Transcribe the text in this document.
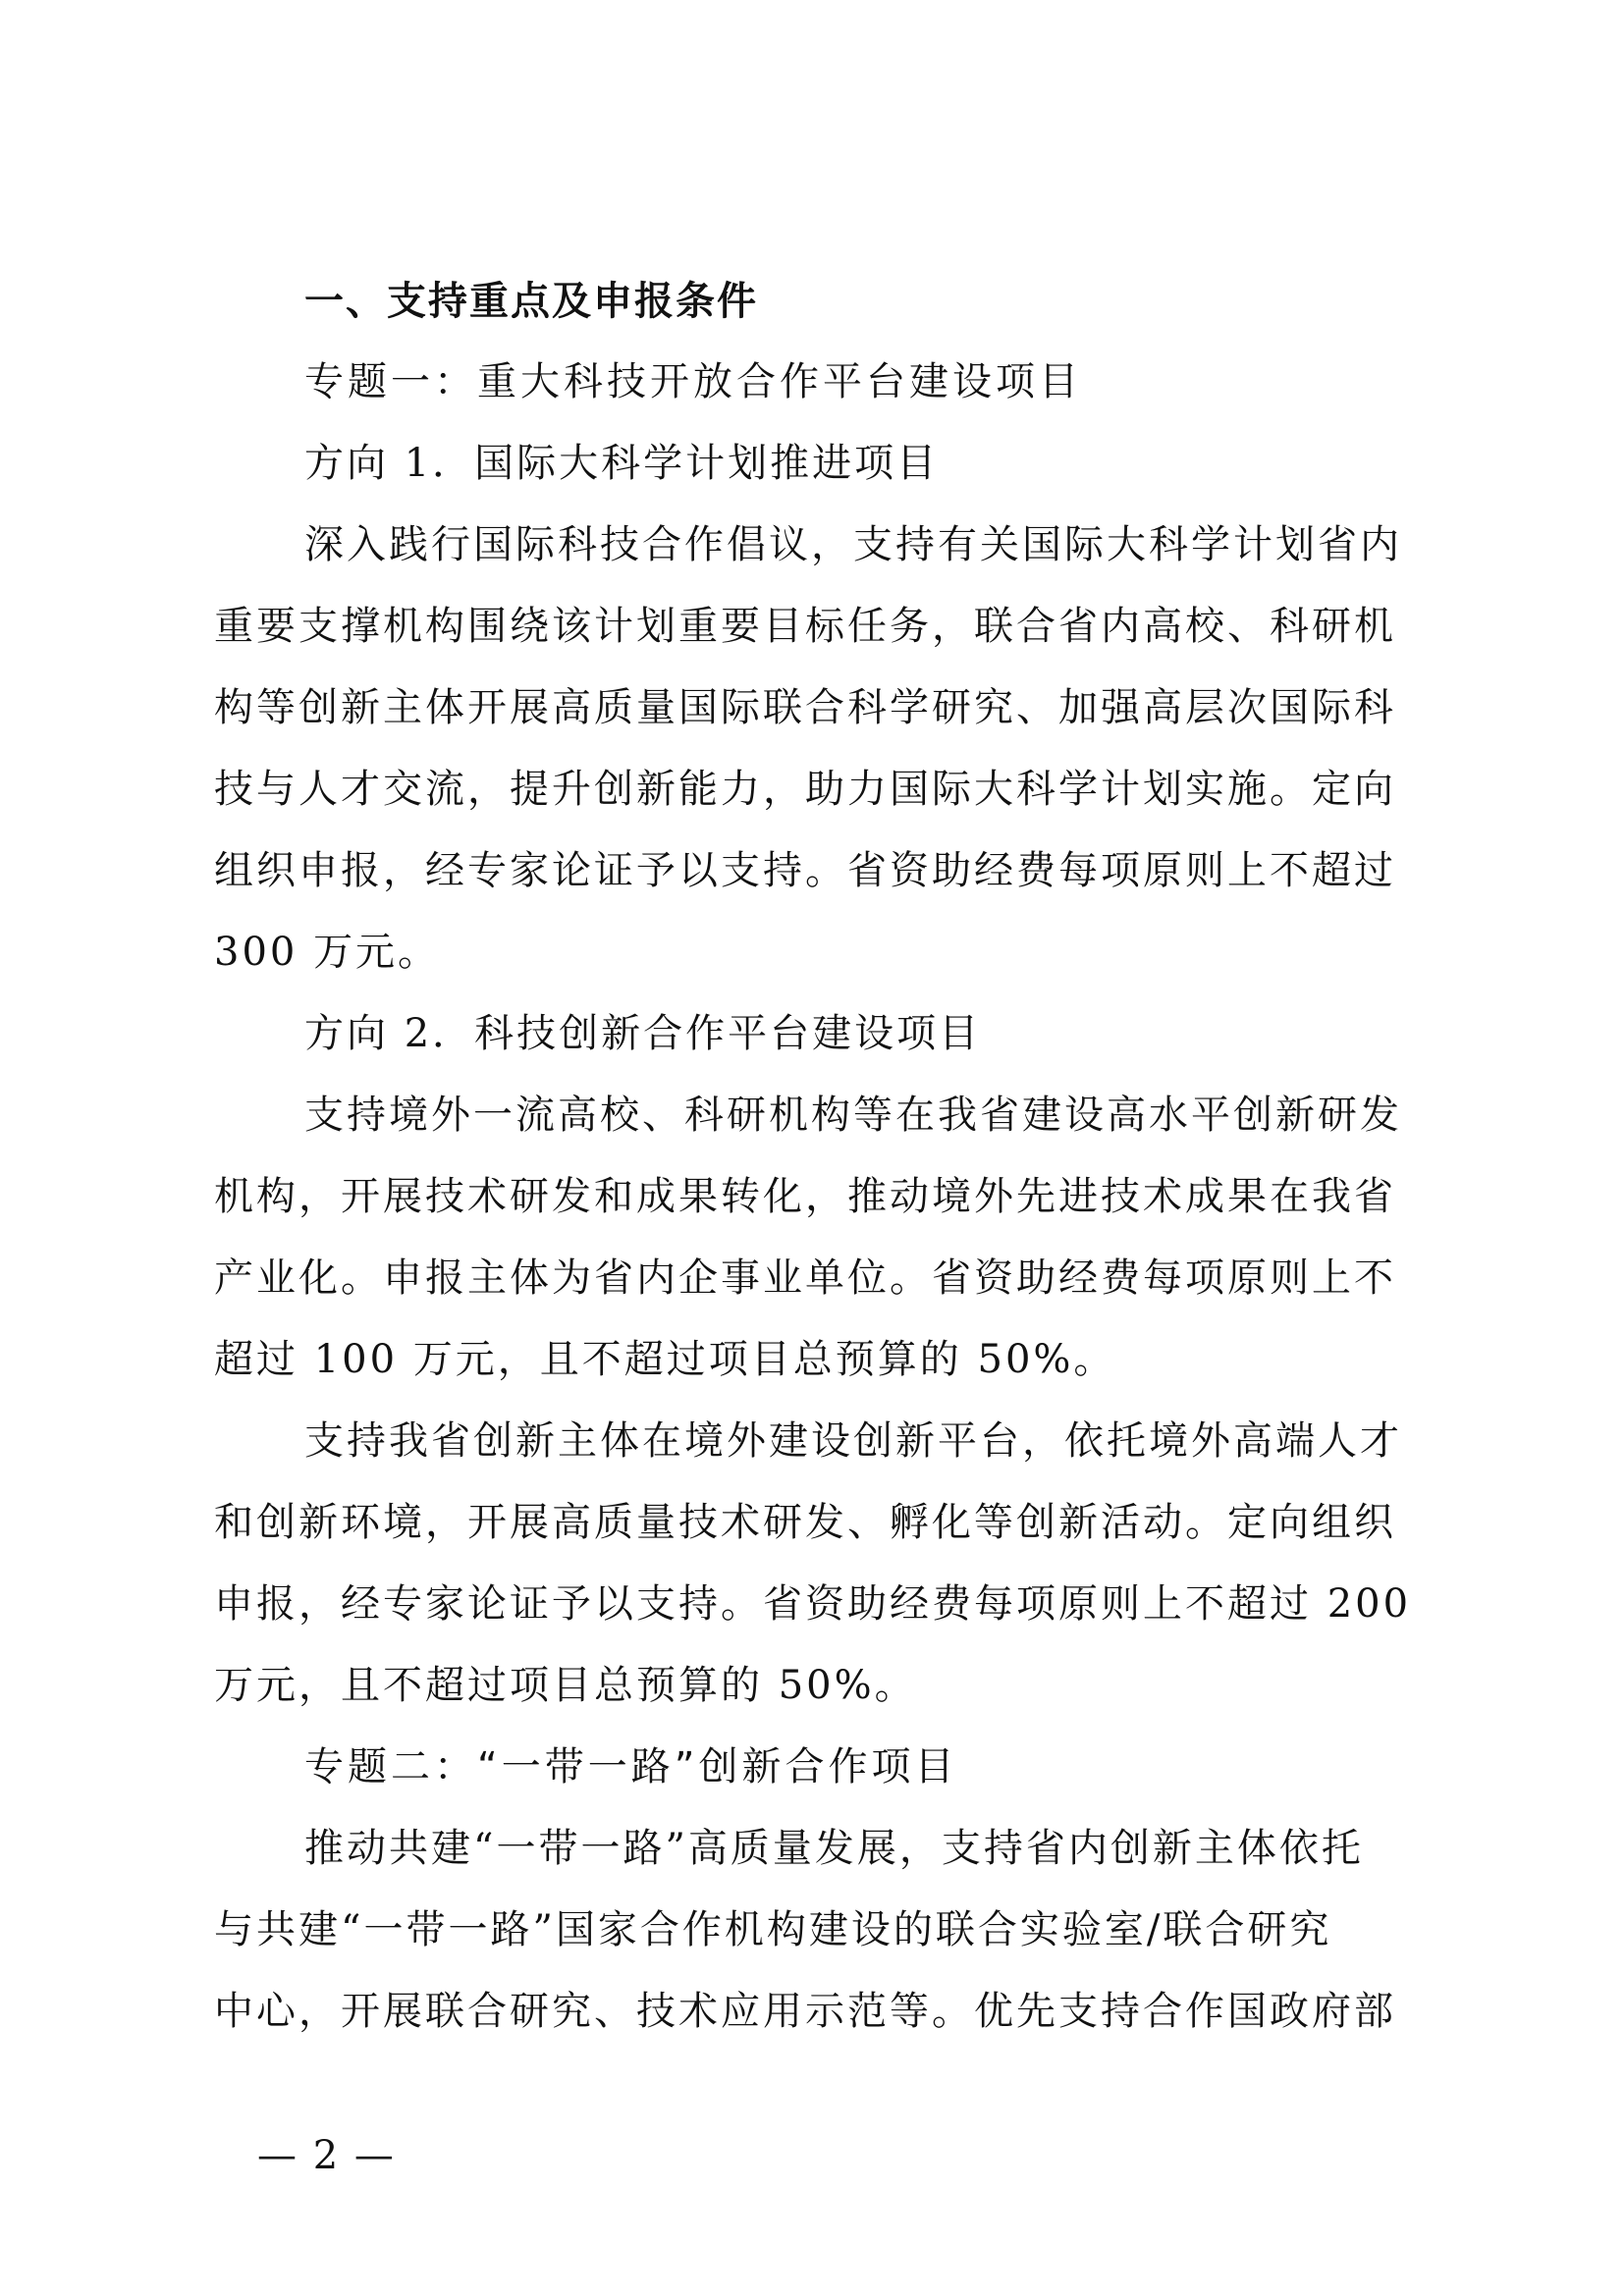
一、支持重点及申报条件
专题一：重大科技开放合作平台建设项目
方向 1．国际大科学计划推进项目
深入践行国际科技合作倡议，支持有关国际大科学计划省内
重要支撑机构围绕该计划重要目标任务，联合省内高校、科研机
构等创新主体开展高质量国际联合科学研究、加强高层次国际科
技与人才交流，提升创新能力，助力国际大科学计划实施。定向
组织申报，经专家论证予以支持。省资助经费每项原则上不超过
300 万元。
方向 2．科技创新合作平台建设项目
支持境外一流高校、科研机构等在我省建设高水平创新研发
机构，开展技术研发和成果转化，推动境外先进技术成果在我省
产业化。申报主体为省内企事业单位。省资助经费每项原则上不
超过 100 万元，且不超过项目总预算的 50%。
支持我省创新主体在境外建设创新平台，依托境外高端人才
和创新环境，开展高质量技术研发、孵化等创新活动。定向组织
申报，经专家论证予以支持。省资助经费每项原则上不超过 200
万元，且不超过项目总预算的 50%。
专题二：“一带一路”创新合作项目
推动共建“一带一路”高质量发展，支持省内创新主体依托
与共建“一带一路”国家合作机构建设的联合实验室/联合研究
中心，开展联合研究、技术应用示范等。优先支持合作国政府部
— 2 —
